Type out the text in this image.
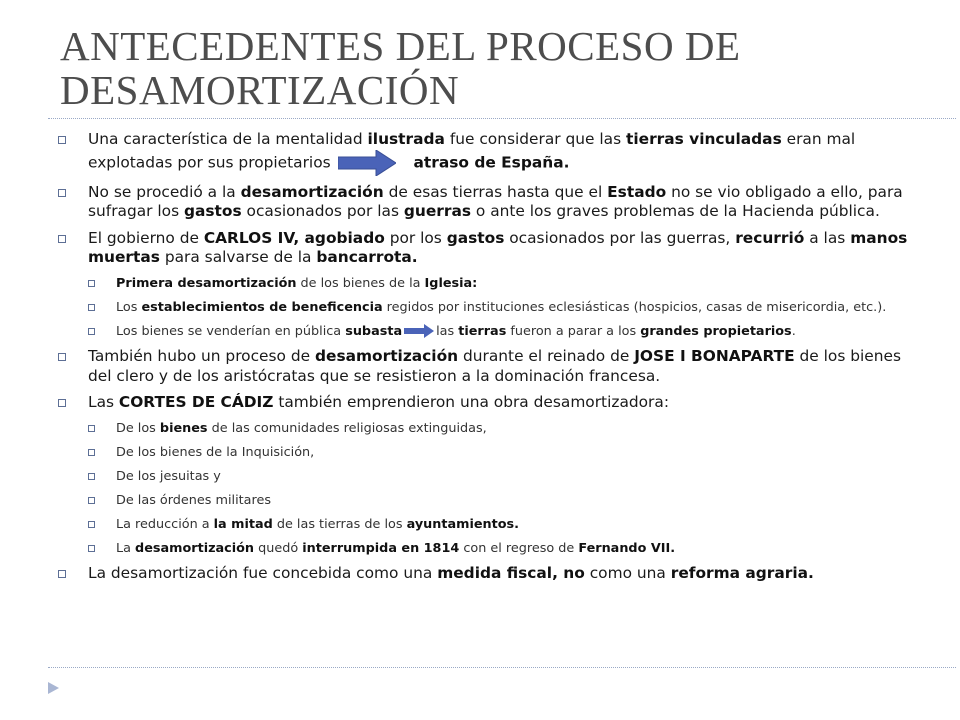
ANTECEDENTES DEL PROCESO DE
DESAMORTIZACIÓN
Una característica de la mentalidad ilustrada fue considerar que las tierras vinculadas eran mal explotadas por sus propietarios	atraso de España.
No se procedió a la desamortización de esas tierras hasta que el Estado no se vio obligado a ello, para sufragar los gastos ocasionados por las guerras o ante los graves problemas de la Hacienda pública.
El gobierno de CARLOS IV, agobiado por los gastos ocasionados por las guerras, recurrió a las manos muertas para salvarse de la bancarrota.
Primera desamortización de los bienes de la Iglesia:
Los establecimientos de beneficencia regidos por instituciones eclesiásticas (hospicios, casas de misericordia, etc.).
Los bienes se venderían en pública subasta	las tierras fueron a parar a los grandes propietarios.
También hubo un proceso de desamortización durante el reinado de JOSE I BONAPARTE de los bienes del clero y de los aristócratas que se resistieron a la dominación francesa.
Las CORTES DE CÁDIZ también emprendieron una obra desamortizadora:
De los bienes de las comunidades religiosas extinguidas,
De los bienes de la Inquisición,
De los jesuitas y
De las órdenes militares
La reducción a la mitad de las tierras de los ayuntamientos.
La desamortización quedó interrumpida en 1814 con el regreso de Fernando VII.
La desamortización fue concebida como una medida fiscal, no como una reforma agraria.
